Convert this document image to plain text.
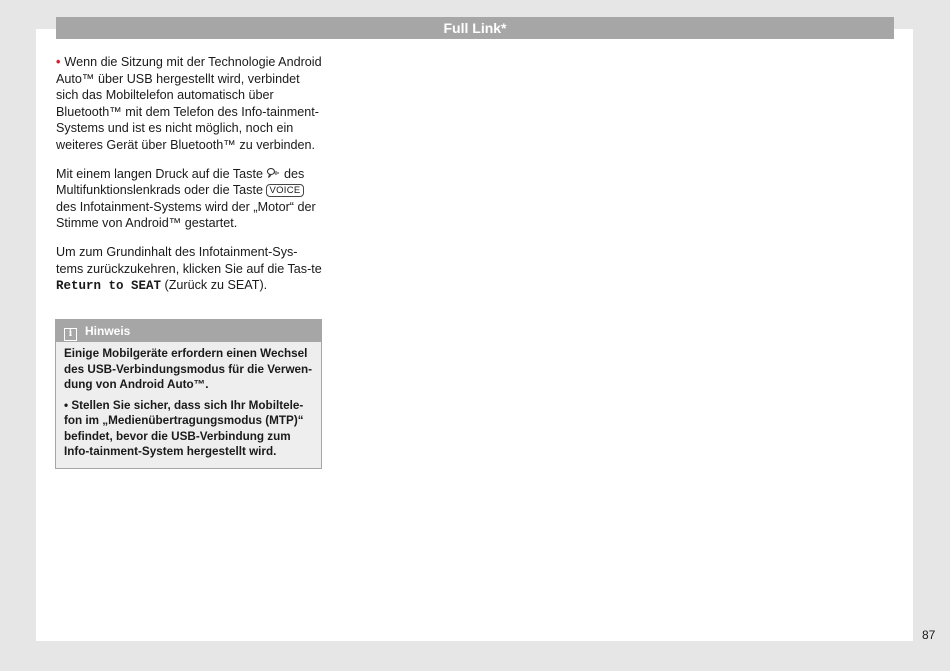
Full Link*

• Wenn die Sitzung mit der Technologie Android Auto™ über USB hergestellt wird, verbindet sich das Mobiltelefon automatisch über Bluetooth™ mit dem Telefon des Info-tainment-Systems und ist es nicht möglich, noch ein weiteres Gerät über Bluetooth™ zu verbinden.

Mit einem langen Druck auf die Taste des Multifunktionslenkrads oder die Taste VOICE des Infotainment-Systems wird der „Motor“ der Stimme von Android™ gestartet.

Um zum Grundinhalt des Infotainment-Sys-tems zurückzukehren, klicken Sie auf die Tas-te Return to SEAT (Zurück zu SEAT).

i Hinweis

Einige Mobilgeräte erfordern einen Wechsel des USB-Verbindungsmodus für die Verwen-dung von Android Auto™.

• Stellen Sie sicher, dass sich Ihr Mobiltele-fon im „Medienübertragungsmodus (MTP)“ befindet, bevor die USB-Verbindung zum Info-tainment-System hergestellt wird.

87
